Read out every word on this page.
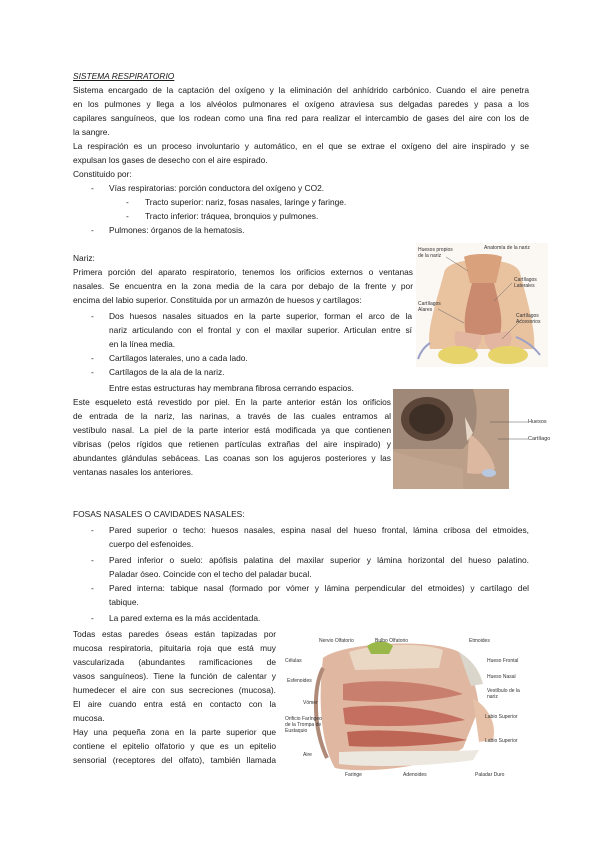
SISTEMA RESPIRATORIO
Sistema encargado de la captación del oxígeno y la eliminación del anhídrido carbónico. Cuando el aire penetra
en los pulmones y llega a los alvéolos pulmonares el oxígeno atraviesa sus delgadas paredes y pasa a los
capilares sanguíneos, que los rodean como una fina red para realizar el intercambio de gases del aire con los de
la sangre.
La respiración es un proceso involuntario y automático, en el que se extrae el oxígeno del aire inspirado y se
expulsan los gases de desecho con el aire espirado.
Constituido por:
- Vías respiratorias: porción conductora del oxígeno y CO2.
- Tracto superior: nariz, fosas nasales, laringe y faringe.
- Tracto inferior: tráquea, bronquios y pulmones.
- Pulmones: órganos de la hematosis.
Nariz:
Primera porción del aparato respiratorio, tenemos los orificios externos o ventanas
nasales. Se encuentra en la zona media de la cara por debajo de la frente y por
encima del labio superior. Constituida por un armazón de huesos y cartílagos:
- Dos huesos nasales situados en la parte superior, forman el arco de la
nariz articulando con el frontal y con el maxilar superior. Articulan entre sí
en la línea media.
- Cartílagos laterales, uno a cada lado.
- Cartílagos de la ala de la nariz.
Entre estas estructuras hay membrana fibrosa cerrando espacios.
Este esqueleto está revestido por piel. En la parte anterior están los orificios
de entrada de la nariz, las narinas, a través de las cuales entramos al
vestíbulo nasal. La piel de la parte interior está modificada ya que contienen
vibrisas (pelos rígidos que retienen partículas extrañas del aire inspirado) y
abundantes glándulas sebáceas. Las coanas son los agujeros posteriores y las
ventanas nasales los anteriores.
FOSAS NASALES O CAVIDADES NASALES:
- Pared superior o techo: huesos nasales, espina nasal del hueso frontal, lámina cribosa del etmoides,
cuerpo del esfenoides.
- Pared inferior o suelo: apófisis palatina del maxilar superior y lámina horizontal del hueso palatino.
Paladar óseo. Coincide con el techo del paladar bucal.
- Pared interna: tabique nasal (formado por vómer y lámina perpendicular del etmoides) y cartílago del
tabique.
- La pared externa es la más accidentada.
Todas estas paredes óseas están tapizadas por
mucosa respiratoria, pituitaria roja que está muy
vascularizada (abundantes ramificaciones de
vasos sanguíneos). Tiene la función de calentar y
humedecer el aire con sus secreciones (mucosa).
El aire cuando entra está en contacto con la
mucosa.
Hay una pequeña zona en la parte superior que
contiene el epitelio olfatorio y que es un epitelio
sensorial (receptores del olfato), también llamada
Huesos propios
de la nariz
Anatomía de la nariz
Cartílagos
Laterales
Cartílagos
Alares
Cartílagos
Accesorios
Huesos
Cartílago
Nervio Olfatorio	Bulbo Olfatorio	Etmoides
Células	Hueso Frontal
Esfenoides
Hueso Nasal
Vestíbulo de la nariz
Vómer
Orificio Faríngeo
de la Trompa de
Eustaquio
Labio Superior
Labio Superior
Aire
Faringe	Adenoides	Paladar Duro
